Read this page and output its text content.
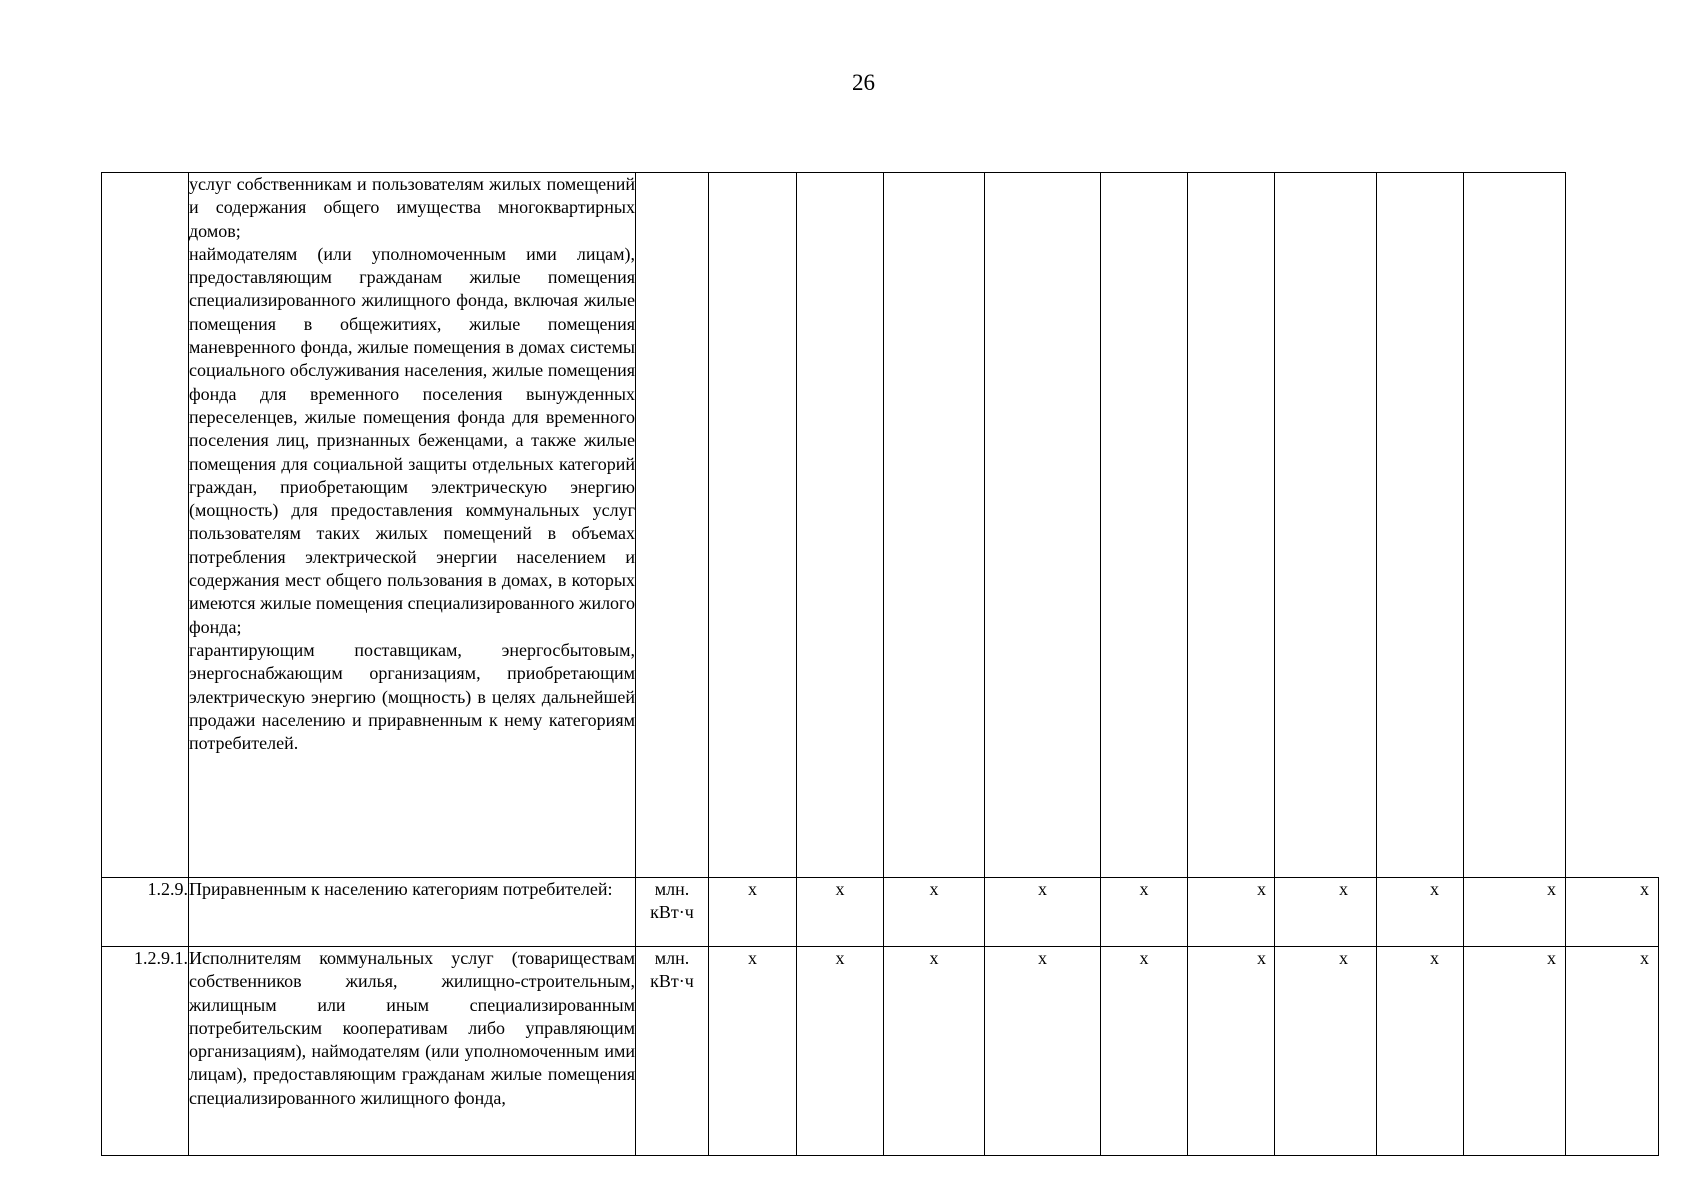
26

	услуг собственникам и пользователям жилых помещений и содержания общего имущества многоквартирных домов;

наймодателям (или уполномоченным ими лицам), предоставляющим гражданам жилые помещения специализированного жилищного фонда, включая жилые помещения в общежитиях, жилые помещения маневренного фонда, жилые помещения в домах системы социального обслуживания населения, жилые помещения фонда для временного поселения вынужденных переселенцев, жилые помещения фонда для временного поселения лиц, признанных беженцами, а также жилые помещения для социальной защиты отдельных категорий граждан, приобретающим электрическую энергию (мощность) для предоставления коммунальных услуг пользователям таких жилых помещений в объемах потребления электрической энергии населением и содержания мест общего пользования в домах, в которых имеются жилые помещения специализированного жилого фонда;

гарантирующим поставщикам, энергосбытовым, энергоснабжающим организациям, приобретающим электрическую энергию (мощность) в целях дальнейшей продажи населению и приравненным к нему категориям потребителей.											

1.2.9.	Приравненным к населению категориям потребителей:	млн. кВт·ч	х	х	х	х	х	х	х	х	х	х

1.2.9.1.	Исполнителям коммунальных услуг (товариществам собственников жилья, жилищно-строительным, жилищным или иным специализированным потребительским кооперативам либо управляющим организациям), наймодателям (или уполномоченным ими лицам), предоставляющим гражданам жилые помещения специализированного жилищного фонда,	млн. кВт·ч	х	х	х	х	х	х	х	х	х	х
